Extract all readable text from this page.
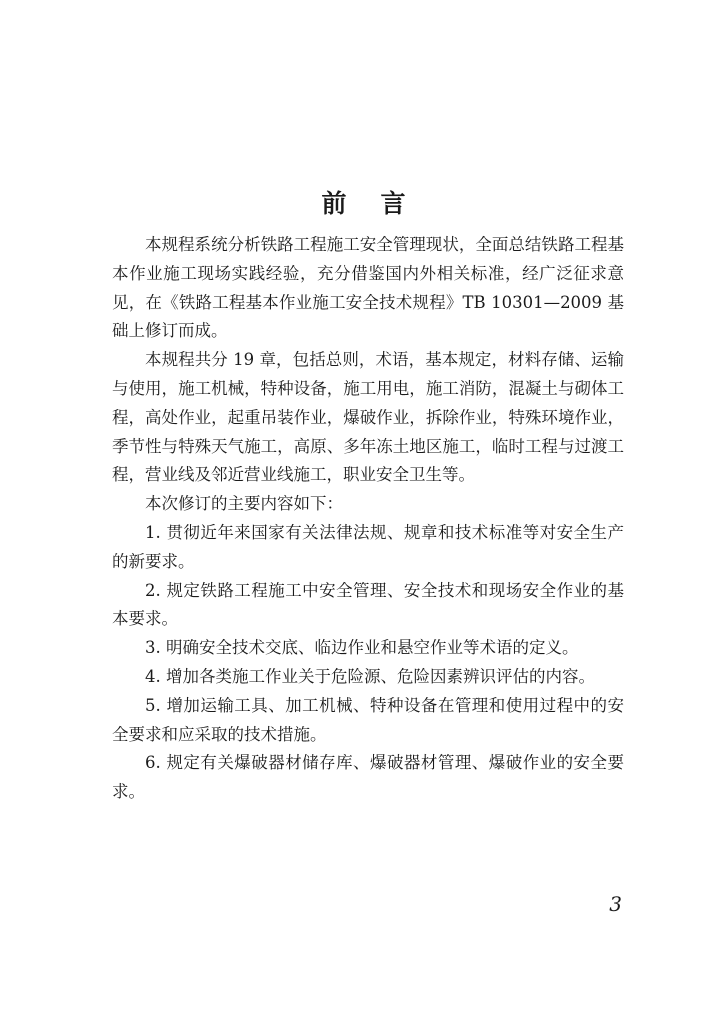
前言

本规程系统分析铁路工程施工安全管理现状，全面总结铁路工程基本作业施工现场实践经验，充分借鉴国内外相关标准，经广泛征求意见，在《铁路工程基本作业施工安全技术规程》TB 10301—2009 基础上修订而成。

本规程共分 19 章，包括总则，术语，基本规定，材料存储、运输与使用，施工机械，特种设备，施工用电，施工消防，混凝土与砌体工程，高处作业，起重吊装作业，爆破作业，拆除作业，特殊环境作业，季节性与特殊天气施工，高原、多年冻土地区施工，临时工程与过渡工程，营业线及邻近营业线施工，职业安全卫生等。

本次修订的主要内容如下：

1. 贯彻近年来国家有关法律法规、规章和技术标准等对安全生产的新要求。

2. 规定铁路工程施工中安全管理、安全技术和现场安全作业的基本要求。

3. 明确安全技术交底、临边作业和悬空作业等术语的定义。

4. 增加各类施工作业关于危险源、危险因素辨识评估的内容。

5. 增加运输工具、加工机械、特种设备在管理和使用过程中的安全要求和应采取的技术措施。

6. 规定有关爆破器材储存库、爆破器材管理、爆破作业的安全要求。

3
